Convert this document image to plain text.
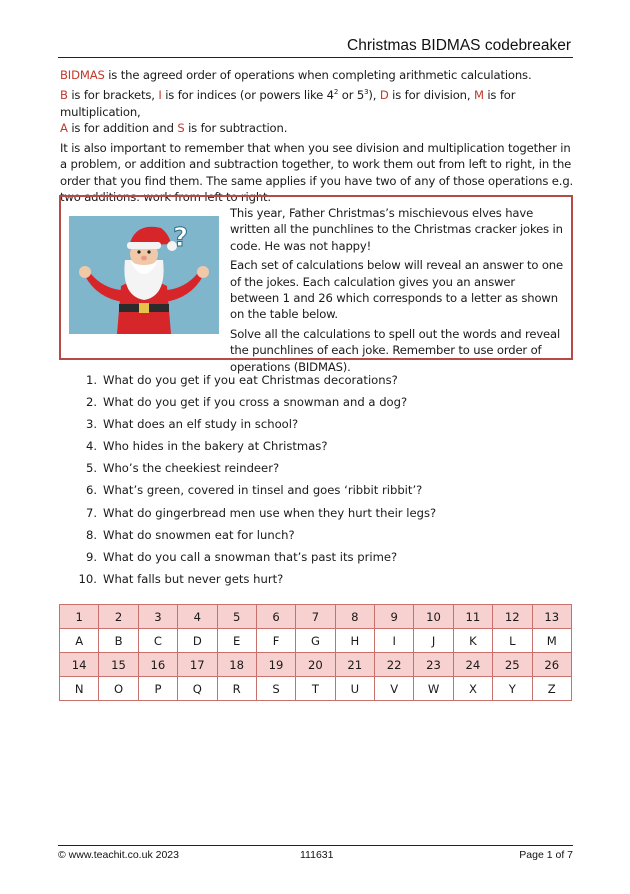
Christmas BIDMAS codebreaker

BIDMAS is the agreed order of operations when completing arithmetic calculations.

B is for brackets, I is for indices (or powers like $4^2$ or $5^3$), D is for division, M is for multiplication,
A is for addition and S is for subtraction.

It is also important to remember that when you see division and multiplication together in a problem, or addition and subtraction together, to work them out from left to right, in the order that you find them. The same applies if you have two of any of those operations e.g. two additions: work from left to right.

?

This year, Father Christmas’s mischievous elves have written all the punchlines to the Christmas cracker jokes in code. He was not happy!

Each set of calculations below will reveal an answer to one of the jokes. Each calculation gives you an answer between 1 and 26 which corresponds to a letter as shown on the table below.

Solve all the calculations to spell out the words and reveal the punchlines of each joke. Remember to use order of operations (BIDMAS).

1. What do you get if you eat Christmas decorations?
2. What do you get if you cross a snowman and a dog?
3. What does an elf study in school?
4. Who hides in the bakery at Christmas?
5. Who’s the cheekiest reindeer?
6. What’s green, covered in tinsel and goes ‘ribbit ribbit’?
7. What do gingerbread men use when they hurt their legs?
8. What do snowmen eat for lunch?
9. What do you call a snowman that’s past its prime?
10. What falls but never gets hurt?
1	2	3	4	5	6	7	8	9	10	11	12	13
A	B	C	D	E	F	G	H	I	J	K	L	M
14	15	16	17	18	19	20	21	22	23	24	25	26
N	O	P	Q	R	S	T	U	V	W	X	Y	Z
© www.teachit.co.uk 2023	111631	Page 1 of 7
